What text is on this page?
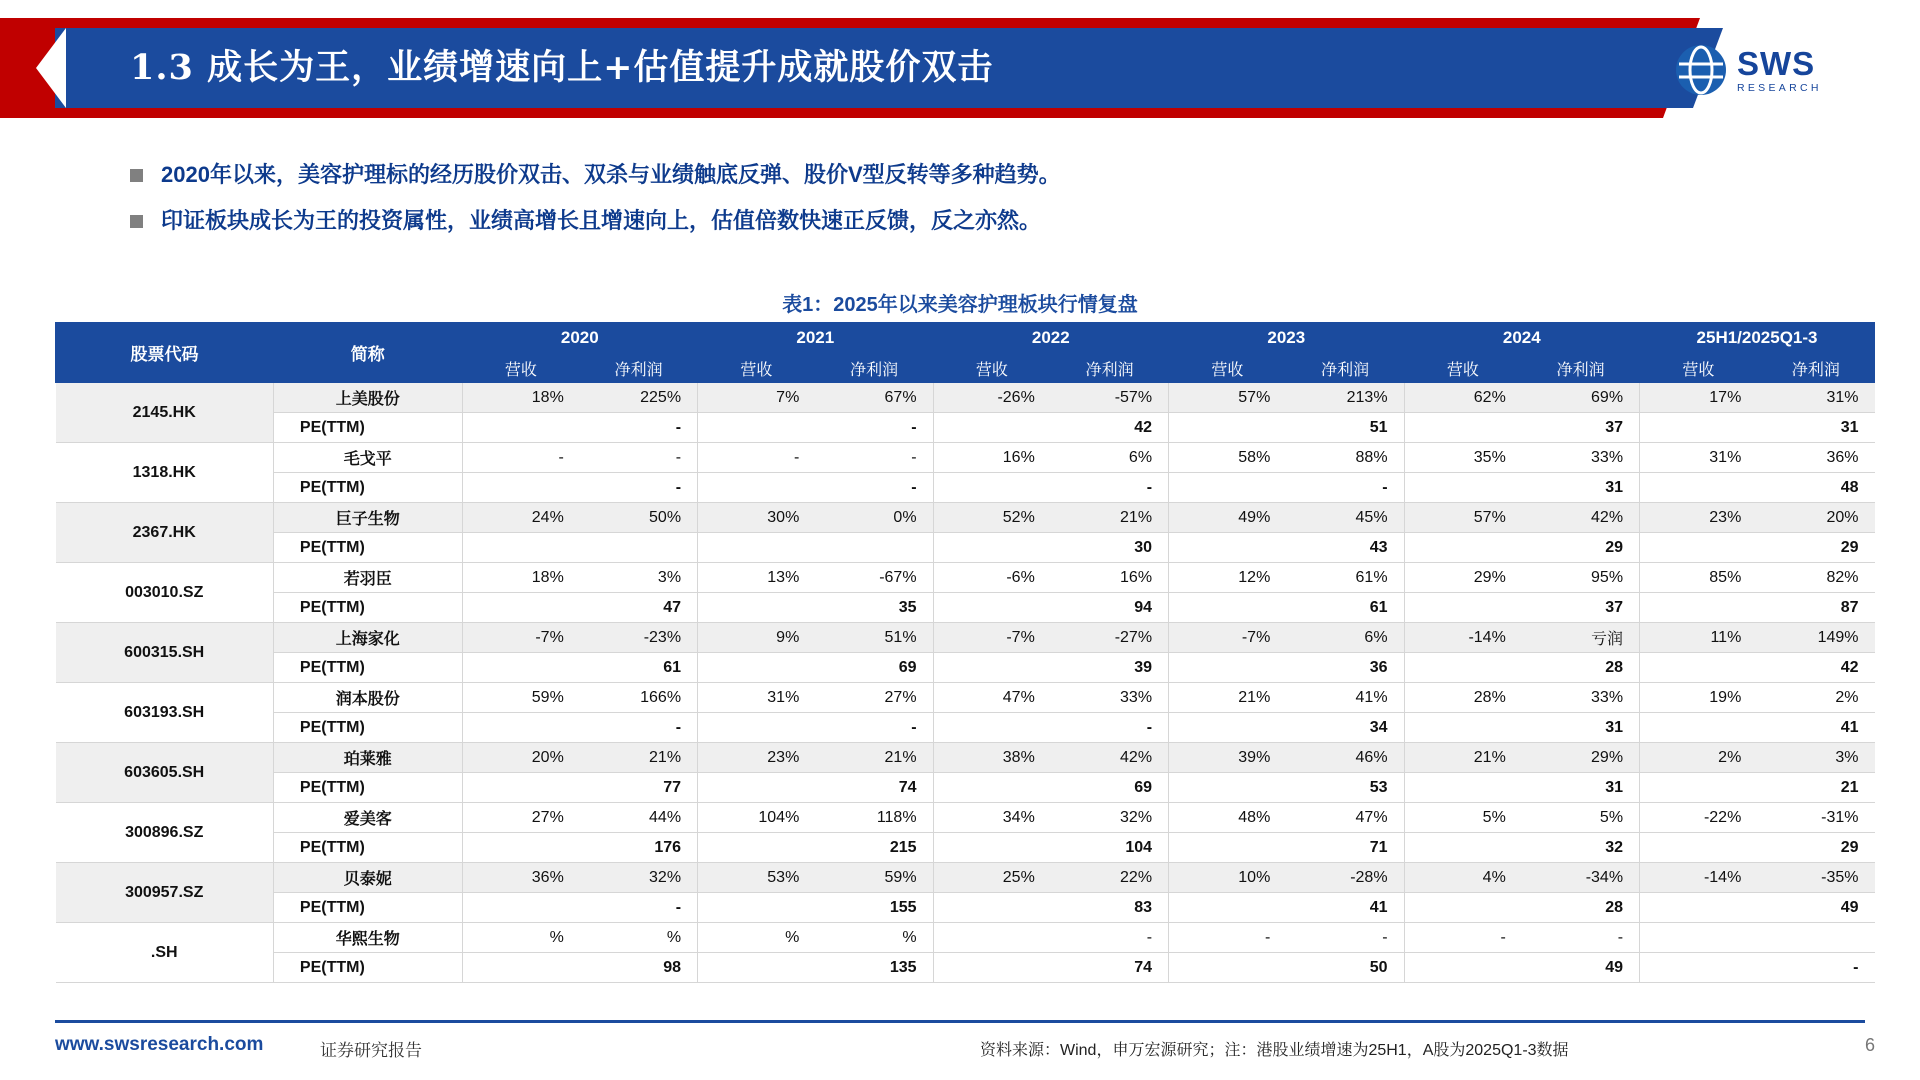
1.3 成长为王，业绩增速向上+估值提升成就股价双击	SWS
RESEARCH
2020年以来，美容护理标的经历股价双击、双杀与业绩触底反弹、股价V型反转等多种趋势。
印证板块成长为王的投资属性，业绩高增长且增速向上，估值倍数快速正反馈，反之亦然。
表1：2025年以来美容护理板块行情复盘
股票代码	简称	2020		2021		2022		2023		2024		25H1/2025Q1-3	
		营收	净利润	营收	净利润	营收	净利润	营收	净利润	营收	净利润	营收	净利润
2145.HK	上美股份	18%	225%	7%	67%	-26%	-57%	57%	213%	62%	69%	17%	31%
	PE(TTM)		-		-		42		51		37		31
1318.HK	毛戈平	-	-	-	-	16%	6%	58%	88%	35%	33%	31%	36%
	PE(TTM)		-		-		-		-		31		48
2367.HK	巨子生物	24%	50%	30%	0%	52%	21%	49%	45%	57%	42%	23%	20%
	PE(TTM)						30		43		29		29
003010.SZ	若羽臣	18%	3%	13%	-67%	-6%	16%	12%	61%	29%	95%	85%	82%
	PE(TTM)		47		35		94		61		37		87
600315.SH	上海家化	-7%	-23%	9%	51%	-7%	-27%	-7%	6%	-14%	亏润	11%	149%
	PE(TTM)		61		69		39		36		28		42
603193.SH	润本股份	59%	166%	31%	27%	47%	33%	21%	41%	28%	33%	19%	2%
	PE(TTM)		-		-		-		34		31		41
603605.SH	珀莱雅	20%	21%	23%	21%	38%	42%	39%	46%	21%	29%	2%	3%
	PE(TTM)		77		74		69		53		31		21
300896.SZ	爱美客	27%	44%	104%	118%	34%	32%	48%	47%	5%	5%	-22%	-31%
	PE(TTM)		176		215		104		71		32		29
300957.SZ	贝泰妮	36%	32%	53%	59%	25%	22%	10%	-28%	4%	-34%	-14%	-35%
	PE(TTM)		-		155		83		41		28		49
.SH	华熙生物	%	%	%	%		-	-	-	-	-		
	PE(TTM)		98		135		74		50		49		-
www.swsresearch.com	证券研究报告	资料来源：Wind，申万宏源研究；注：港股业绩增速为25H1，A股为2025Q1-3数据	6
